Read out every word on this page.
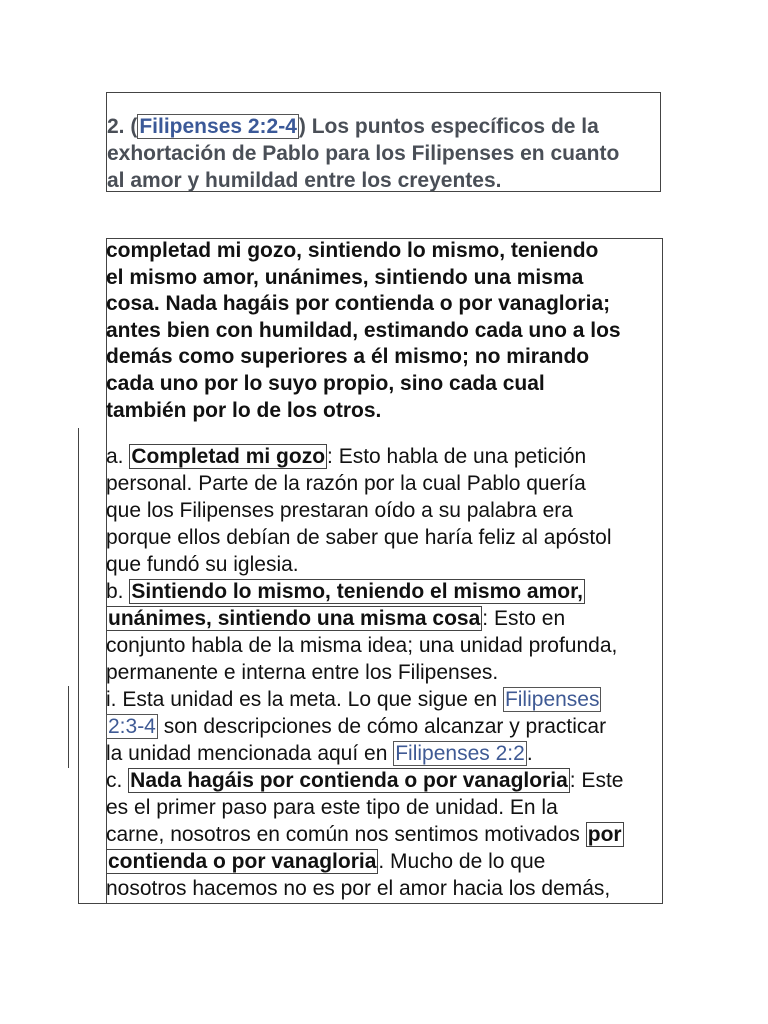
2. (Filipenses 2:2-4) Los puntos específicos de la
exhortación de Pablo para los Filipenses en cuanto
al amor y humildad entre los creyentes.
completad mi gozo, sintiendo lo mismo, teniendo
el mismo amor, unánimes, sintiendo una misma
cosa. Nada hagáis por contienda o por vanagloria;
antes bien con humildad, estimando cada uno a los
demás como superiores a él mismo; no mirando
cada uno por lo suyo propio, sino cada cual
también por lo de los otros.
a. Completad mi gozo: Esto habla de una petición
personal. Parte de la razón por la cual Pablo quería
que los Filipenses prestaran oído a su palabra era
porque ellos debían de saber que haría feliz al apóstol
que fundó su iglesia.
b. Sintiendo lo mismo, teniendo el mismo amor,
unánimes, sintiendo una misma cosa: Esto en
conjunto habla de la misma idea; una unidad profunda,
permanente e interna entre los Filipenses.
i. Esta unidad es la meta. Lo que sigue en Filipenses
2:3-4 son descripciones de cómo alcanzar y practicar
la unidad mencionada aquí en Filipenses 2:2.
c. Nada hagáis por contienda o por vanagloria: Este
es el primer paso para este tipo de unidad. En la
carne, nosotros en común nos sentimos motivados por
contienda o por vanagloria. Mucho de lo que
nosotros hacemos no es por el amor hacia los demás,
